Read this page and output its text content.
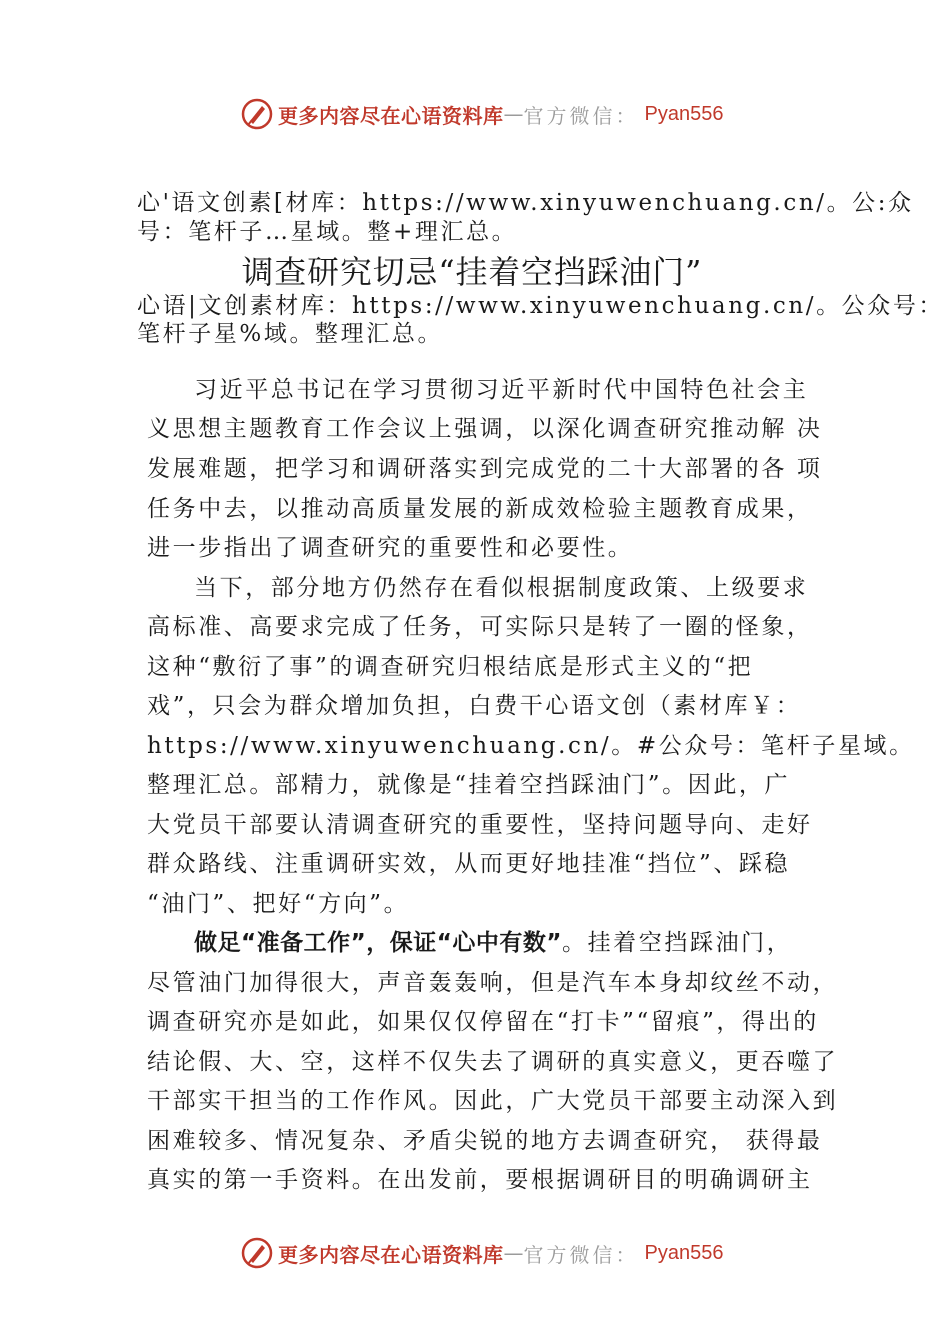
更多内容尽在心语资料库 — 官方微信： Pyan556
心'语文创素[材库：https://www.xinyuwenchuang.cn/。公:众
号：笔杆子…星域。整+理汇总。
调查研究切忌“挂着空挡踩油门”
心语|文创素材库：https://www.xinyuwenchuang.cn/。公众号：
笔杆子星%域。整理汇总。
习近平总书记在学习贯彻习近平新时代中国特色社会主
义思想主题教育工作会议上强调，以深化调查研究推动解 决
发展难题，把学习和调研落实到完成党的二十大部署的各 项
任务中去，以推动高质量发展的新成效检验主题教育成果，
进一步指出了调查研究的重要性和必要性。
当下，部分地方仍然存在看似根据制度政策、上级要求
高标准、高要求完成了任务，可实际只是转了一圈的怪象，
这种“敷衍了事”的调查研究归根结底是形式主义的“把
戏”，只会为群众增加负担，白费干心语文创（素材库￥：
https://www.xinyuwenchuang.cn/。#公众号：笔杆子星域。
整理汇总。部精力，就像是“挂着空挡踩油门”。因此，广
大党员干部要认清调查研究的重要性，坚持问题导向、走好
群众路线、注重调研实效，从而更好地挂准“挡位”、踩稳
“油门”、把好“方向”。
做足“准备工作”，保证“心中有数”。挂着空挡踩油门，
尽管油门加得很大，声音轰轰响，但是汽车本身却纹丝不动，
调查研究亦是如此，如果仅仅停留在“打卡”“留痕”，得出的
结论假、大、空，这样不仅失去了调研的真实意义，更吞噬了
干部实干担当的工作作风。因此，广大党员干部要主动深入到
困难较多、情况复杂、矛盾尖锐的地方去调查研究， 获得最
真实的第一手资料。在出发前，要根据调研目的明确调研主
更多内容尽在心语资料库 — 官方微信： Pyan556
